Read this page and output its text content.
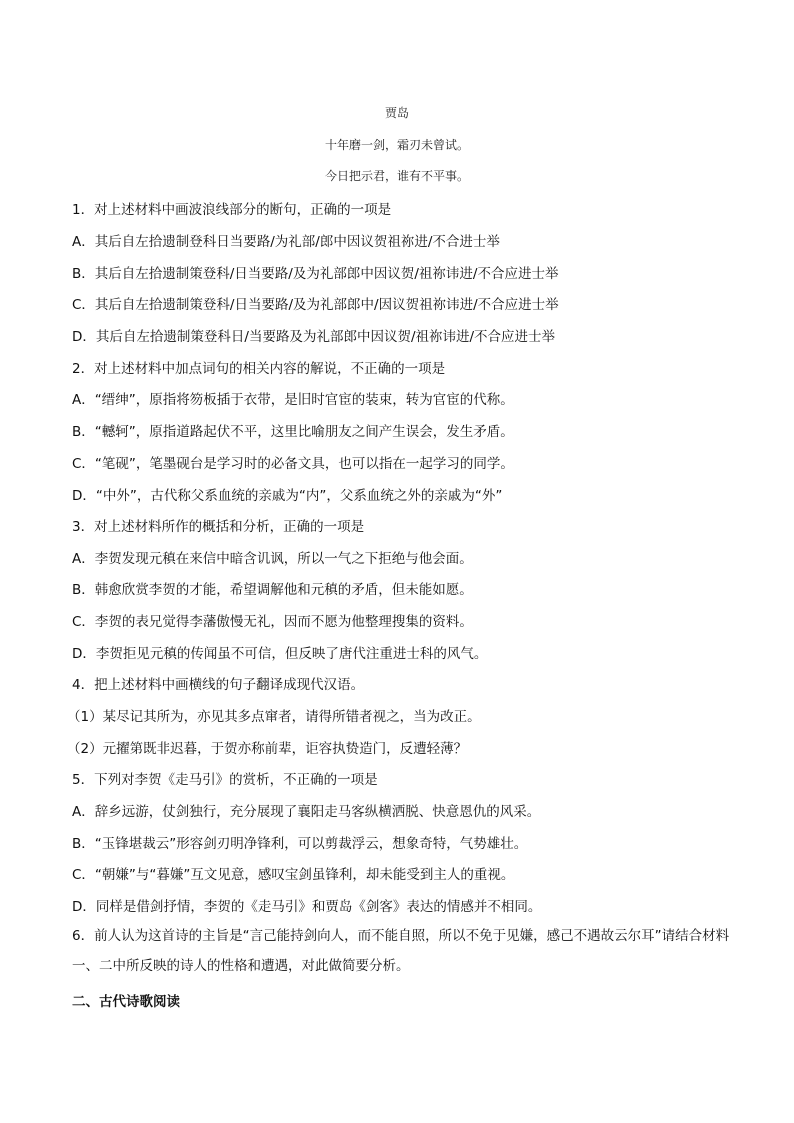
贾岛
十年磨一剑，霜刃未曾试。
今日把示君，谁有不平事。
1．对上述材料中画波浪线部分的断句，正确的一项是
A．其后自左拾遗制登科日当要路/为礼部/郎中因议贺祖祢进/不合进士举
B．其后自左拾遗制策登科/日当要路/及为礼部郎中因议贺/祖祢讳进/不合应进士举
C．其后自左拾遗制策登科/日当要路/及为礼部郎中/因议贺祖祢讳进/不合应进士举
D．其后自左拾遗制策登科日/当要路及为礼部郎中因议贺/祖祢讳进/不合应进士举
2．对上述材料中加点词句的相关内容的解说，不正确的一项是
A．“缙绅”，原指将笏板插于衣带，是旧时官宦的装束，转为官宦的代称。
B．“轗轲”，原指道路起伏不平，这里比喻朋友之间产生误会，发生矛盾。
C．“笔砚”，笔墨砚台是学习时的必备文具，也可以指在一起学习的同学。
D．“中外”，古代称父系血统的亲戚为“内”，父系血统之外的亲戚为“外”
3．对上述材料所作的概括和分析，正确的一项是
A．李贺发现元稹在来信中暗含讥讽，所以一气之下拒绝与他会面。
B．韩愈欣赏李贺的才能，希望调解他和元稹的矛盾，但未能如愿。
C．李贺的表兄觉得李藩傲慢无礼，因而不愿为他整理搜集的资料。
D．李贺拒见元稹的传闻虽不可信，但反映了唐代注重进士科的风气。
4．把上述材料中画横线的句子翻译成现代汉语。
（1）某尽记其所为，亦见其多点窜者，请得所错者视之，当为改正。
（2）元擢第既非迟暮，于贺亦称前辈，讵容执贽造门，反遭轻薄？
5．下列对李贺《走马引》的赏析，不正确的一项是
A．辞乡远游，仗剑独行，充分展现了襄阳走马客纵横洒脱、快意恩仇的风采。
B．“玉锋堪裁云”形容剑刃明净锋利，可以剪裁浮云，想象奇特，气势雄壮。
C．“朝嫌”与“暮嫌”互文见意，感叹宝剑虽锋利，却未能受到主人的重视。
D．同样是借剑抒情，李贺的《走马引》和贾岛《剑客》表达的情感并不相同。
6．前人认为这首诗的主旨是“言己能持剑向人，而不能自照，所以不免于见嫌，感己不遇故云尔耳”请结合材料一、二中所反映的诗人的性格和遭遇，对此做简要分析。
二、古代诗歌阅读
